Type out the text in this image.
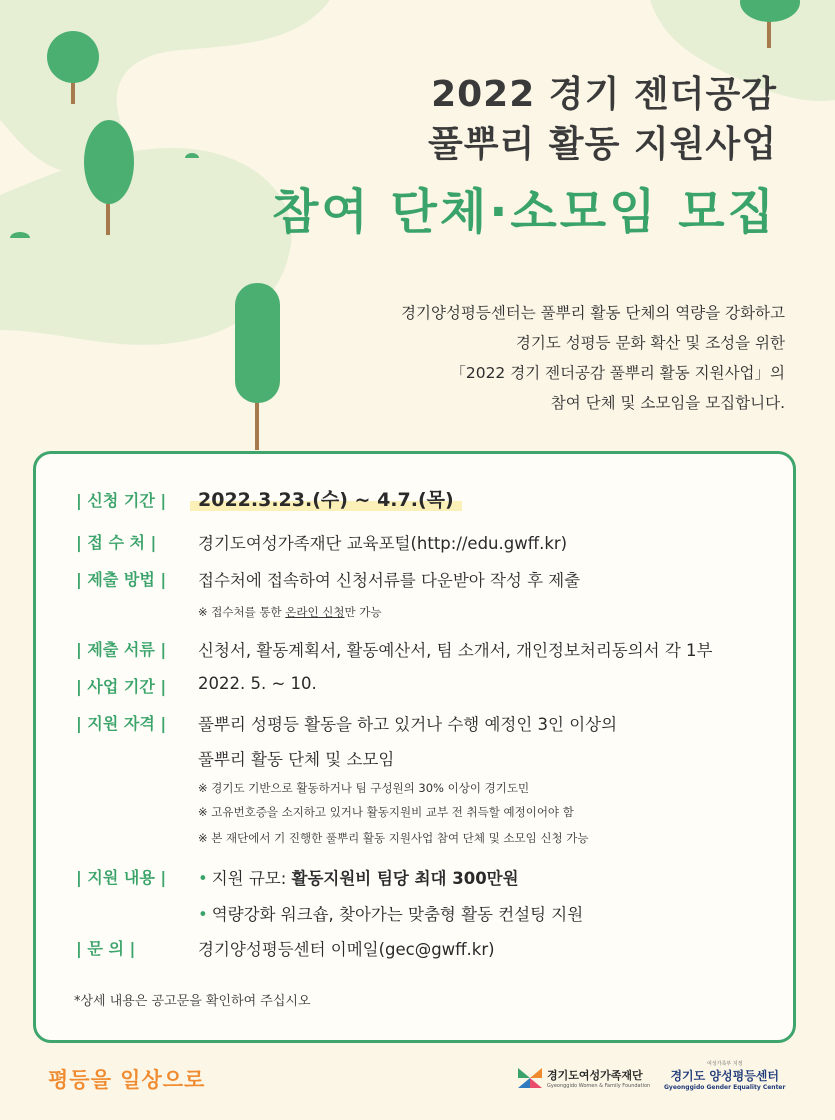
2022 경기 젠더공감
풀뿌리 활동 지원사업
참여 단체·소모임 모집
경기양성평등센터는 풀뿌리 활동 단체의 역량을 강화하고
경기도 성평등 문화 확산 및 조성을 위한
「2022 경기 젠더공감 풀뿌리 활동 지원사업」의
참여 단체 및 소모임을 모집합니다.
| 신청 기간 |	2022.3.23.(수) ~ 4.7.(목)
| 접 수 처 |	경기도여성가족재단 교육포털(http://edu.gwff.kr)
| 제출 방법 |	접수처에 접속하여 신청서류를 다운받아 작성 후 제출
※ 접수처를 통한 온라인 신청만 가능
| 제출 서류 |	신청서, 활동계획서, 활동예산서, 팀 소개서, 개인정보처리동의서 각 1부
| 사업 기간 |	2022. 5. ~ 10.
| 지원 자격 |	풀뿌리 성평등 활동을 하고 있거나 수행 예정인 3인 이상의
풀뿌리 활동 단체 및 소모임
※ 경기도 기반으로 활동하거나 팀 구성원의 30% 이상이 경기도민
※ 고유번호증을 소지하고 있거나 활동지원비 교부 전 취득할 예정이어야 함
※ 본 재단에서 기 진행한 풀뿌리 활동 지원사업 참여 단체 및 소모임 신청 가능
| 지원 내용 |	• 지원 규모: 활동지원비 팀당 최대 300만원
• 역량강화 워크숍, 찾아가는 맞춤형 활동 컨설팅 지원
| 문 의 |	경기양성평등센터 이메일(gec@gwff.kr)
*상세 내용은 공고문을 확인하여 주십시오
평등을 일상으로	경기도여성가족재단
Gyeonggido Women & Family Foundation
여성가족부 지정
경기도 양성평등센터
Gyeonggido Gender Equality Center
